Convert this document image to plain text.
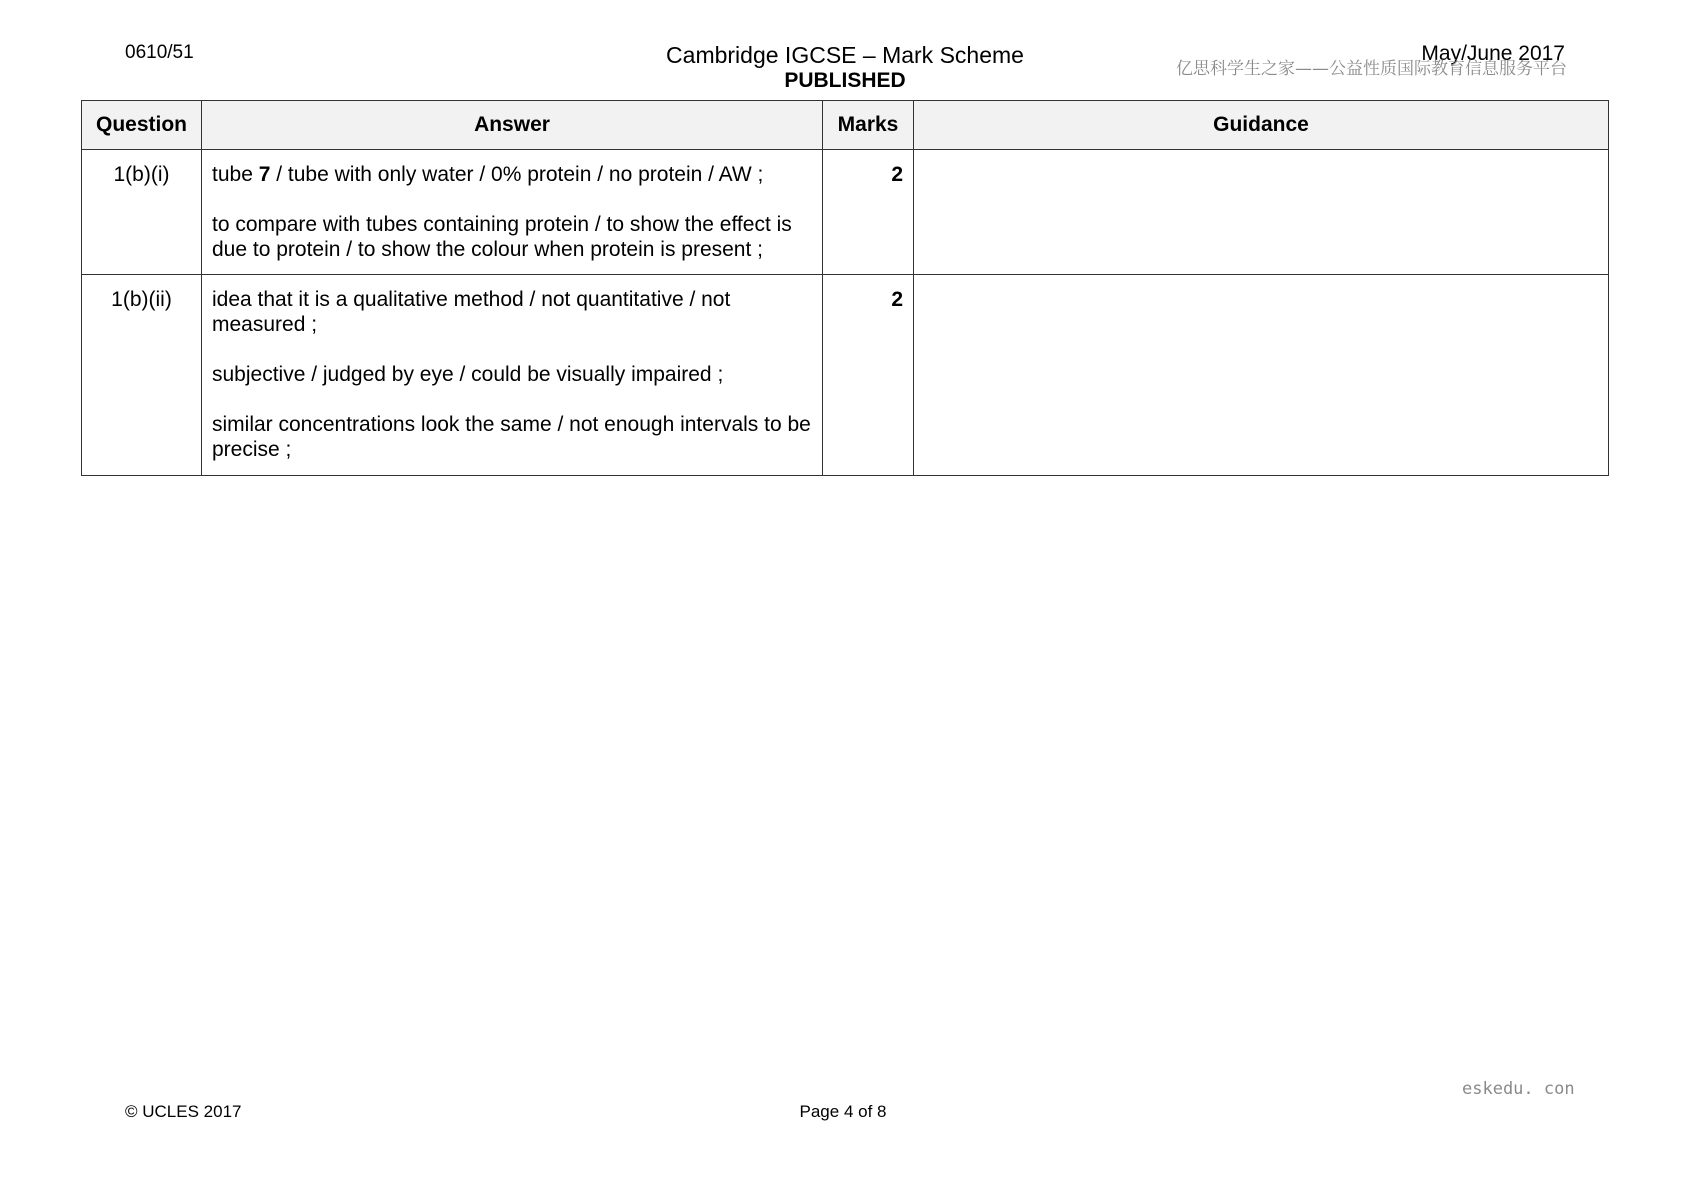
0610/51	Cambridge IGCSE – Mark Scheme
PUBLISHED
May/June 2017
亿思科学生之家——公益性质国际教育信息服务平台
Question	Answer	Marks	Guidance
1(b)(i)	tube 7 / tube with only water / 0% protein / no protein / AW ;

to compare with tubes containing protein / to show the effect is due to protein / to show the colour when protein is present ;	2	
1(b)(ii)	idea that it is a qualitative method / not quantitative / not measured ;

subjective / judged by eye / could be visually impaired ;

similar concentrations look the same / not enough intervals to be precise ;	2	
eskedu. con
© UCLES 2017	Page 4 of 8
